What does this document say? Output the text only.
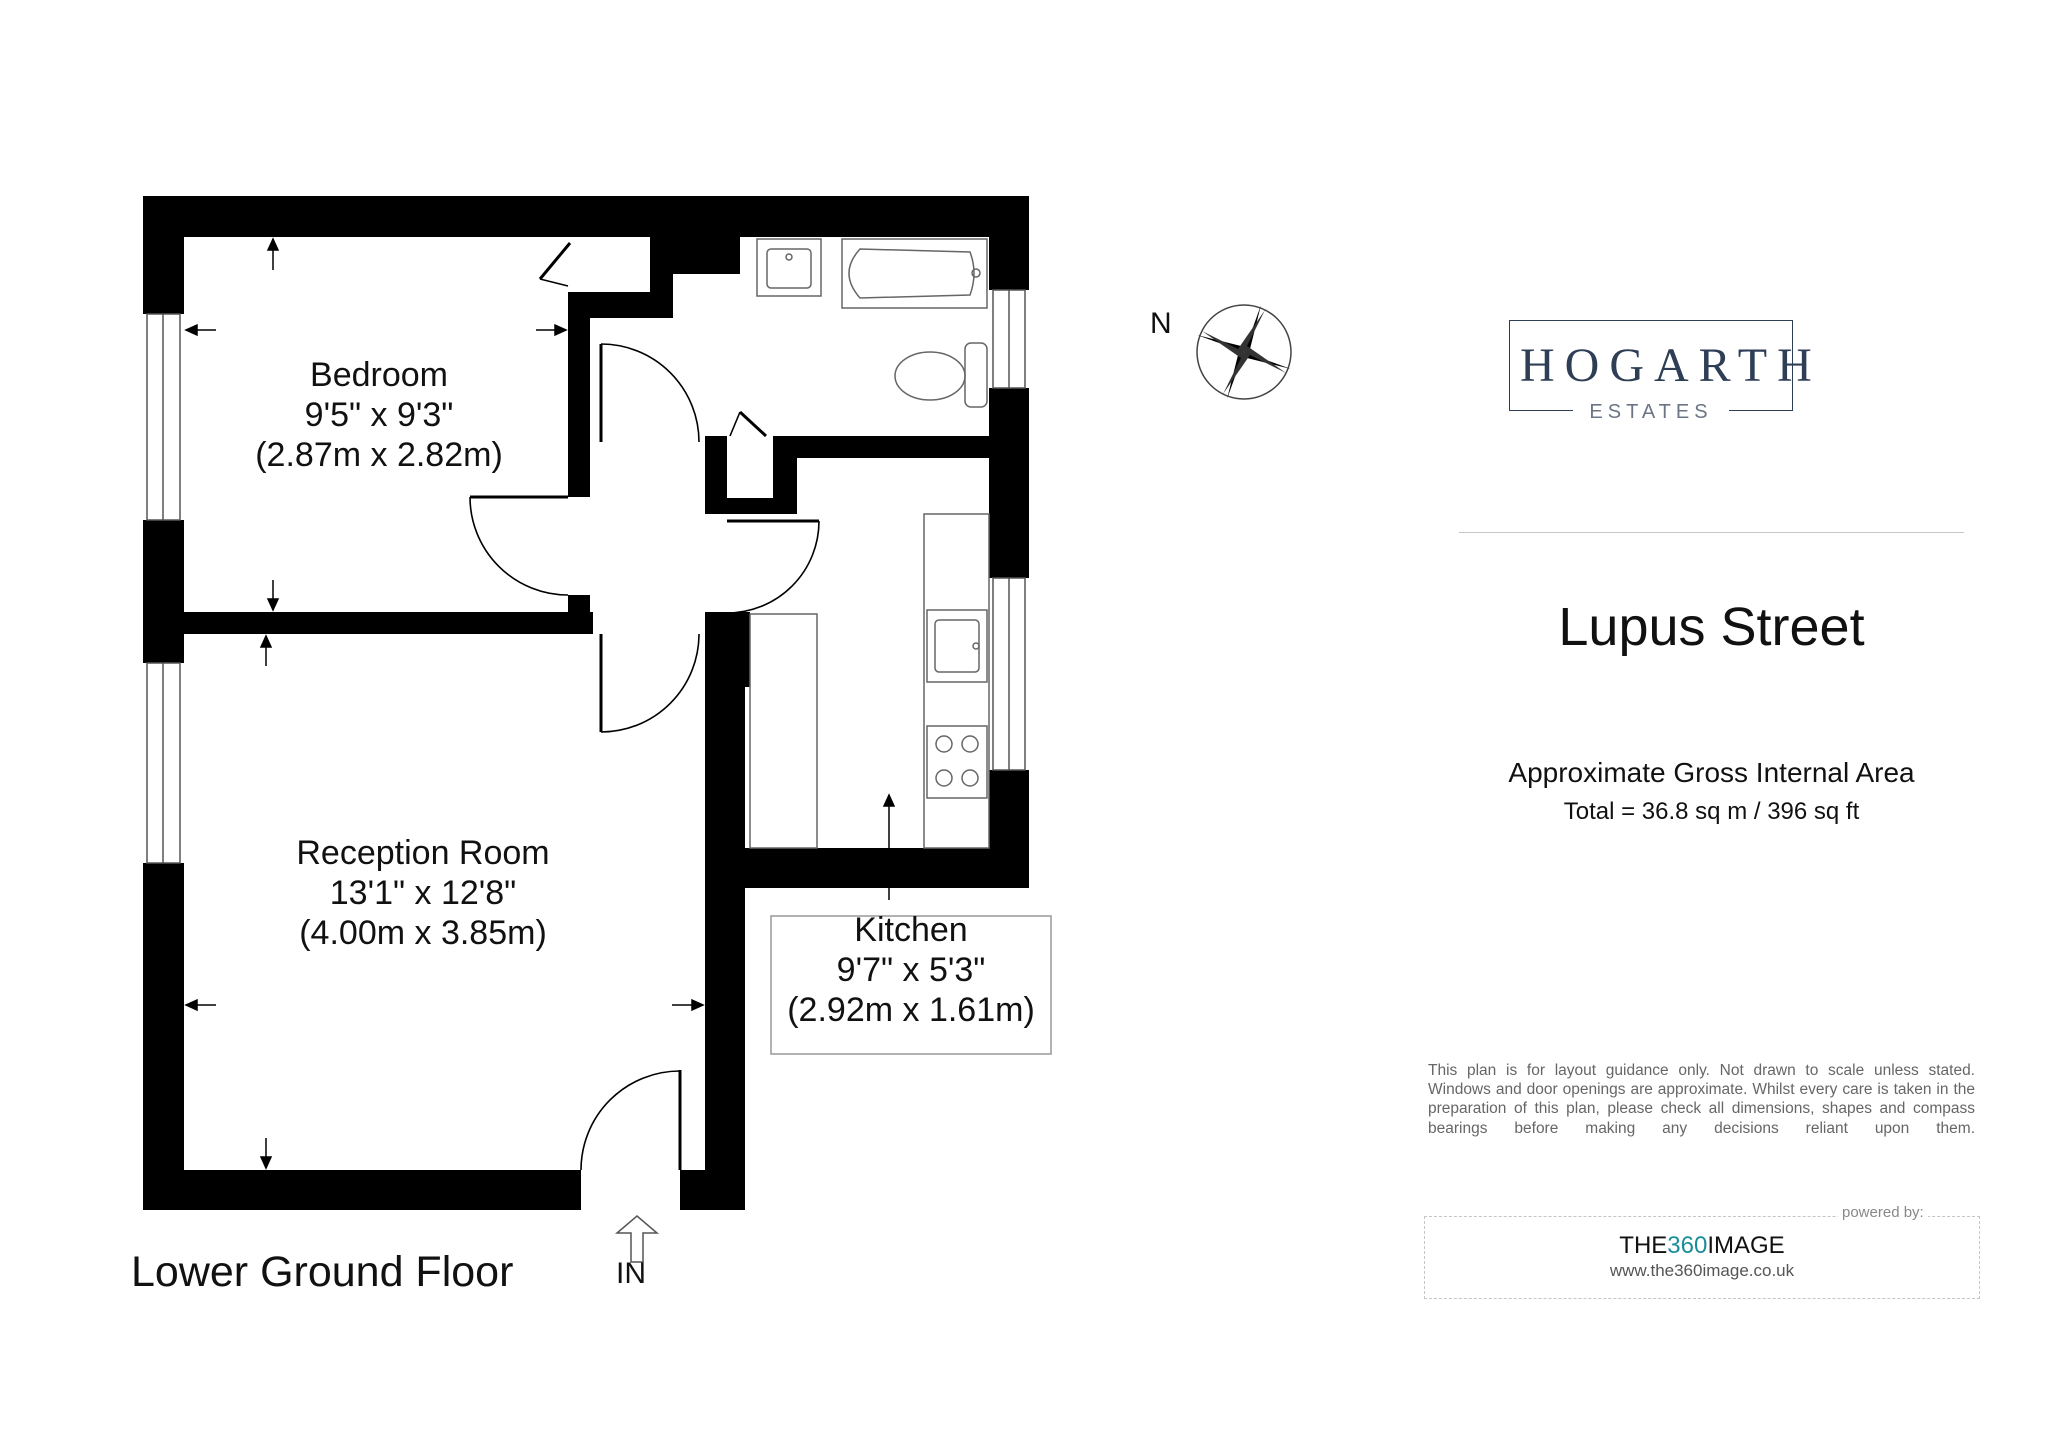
Bedroom
9'5" x 9'3"
(2.87m x 2.82m)
Reception Room
13'1" x 12'8"
(4.00m x 3.85m)	Kitchen
9'7" x 5'3"
(2.92m x 1.61m)
Lower Ground Floor	IN
N
HOGARTH
ESTATES
Lupus Street
Approximate Gross Internal Area
Total = 36.8 sq m / 396 sq ft
This plan is for layout guidance only. Not drawn to scale unless stated. Windows and door openings are approximate. Whilst every care is taken in the preparation of this plan, please check all dimensions, shapes and compass bearings before making any decisions reliant upon them.
powered by:
THE360IMAGE
www.the360image.co.uk
